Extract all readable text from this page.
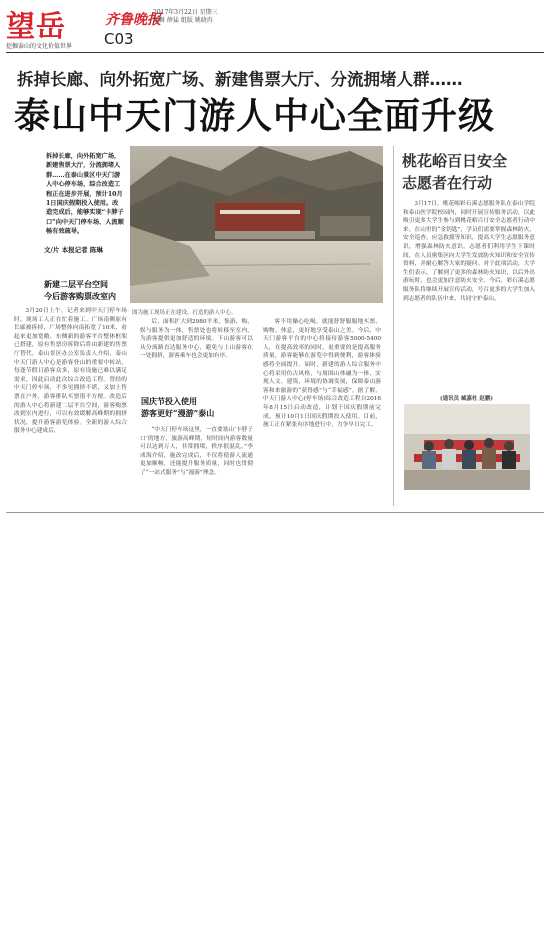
望岳
挖掘泰山的文化价值世界
齐鲁晚报
2017年3月22日 星期三
编辑 薛猛 组版 姚晓冉
C03
拆掉长廊、向外拓宽广场、新建售票大厅、分流拥堵人群……
泰山中天门游人中心全面升级
拆掉长廊，向外拓宽广场，新建售票大厅，分流拥堵人群……在泰山景区中天门游人中心停车场，综合改造工程正在进步开展，预计10月1日国庆假期投入使用。改造完成后，能够实现“卡脖子口”向中天门停车场、人流顺畅有效疏导。
文/片 本报记者 陈琳
图为施工现场正在建设。打造的游人中心。
新建二层平台空间
今后游客购票改室内

3月20日上午，记者来到中天门停车场时，现场工人正在忙着施工。广场南侧原有长廊被拆掉，广场整体向南拓宽了10米，看起来更加宽敞。东侧新的游客平台整体框架已搭建，原有售票房拆除后将由新建的售票厅替代。泰山景区办公室负责人介绍，泰山中天门游人中心是游客登山的重要中转站，每逢节假日游客众多，原有设施已难以满足需求，因此启动此次综合改造工程。曾经的中天门停车场，不多见拥挤不堪，又加上售票在户外，游客排队买票很不方便。改造后的游人中心将新建二层平台空间，游客购票改到室内进行，可以有效缓解高峰期的拥挤状况，提升游客游览体验。全新的游人综合服务中心建成后，

后，面积扩大到2980平米，集游、购、娱与服务为一体，售票处也将转移至室内，为游客提供更加舒适的环境。下山游客可以从分流路直达服务中心，避免与上山游客在一处拥挤，游客乘车也会更加有序。

国庆节投入使用
游客更好“漫游”泰山

“中天门停车场这里，一直要塞山‘卡脖子口’的地方，旅游高峰期，短时间内游客数量可以达到万人，非常拥堵，秩序很混乱。”李成海介绍，施改完成后，不仅将使游人流通更加顺畅，还能提升服务质量，同时也贯彻了“一站式服务”与“漫游”理念。

客不用操心吃喝，就能舒舒服服地买票、购物、休息，更好地享受泰山之美。今后，中天门游客平台的中心将接待游客5000-5400人，在提高效率的同时，更重要的是提高服务质量，游客能够在游览中得到便利，游客体验感将全面提升。届时，新建的游人综合服务中心将采用仿古风格，与周围山体融为一体，实现人文、建筑、环境的协调发展，保障泰山游客和来旅游的“获得感”与“幸福感”。据了解，中天门游人中心(停车场)综合改造工程自2016年8月15日启动改造，计划于国庆假期前完成，预计10月1日国庆假期投入使用。目前，施工正在紧张有序地进行中，力争早日完工。

桃花峪百日安全
志愿者在行动

3月17日，桃花峪彩石溪志愿服务队在泰山学院和泰山医学院校园内，同时开展宣传服务活动，以此吸引更多大学生参与到桃花峪百日安全志愿者行动中来。在山里的“金钥匙”，学员们需要掌握森林防火、安全巡查、应急救援等知识，提高大学生志愿服务意识，增强森林防火意识。志愿者们利用学生下课时间，在人员密集区向大学生发放防火知识和安全宣传资料，并耐心解答大家的疑问。对于此项活动，大学生们表示，了解到了更多的森林防火知识，以后外出游玩时，也会更加注意防火安全。今后，彩石溪志愿服务队将继续开展宣传活动，号召更多的大学生加入到志愿者的队伍中来，共同守护泰山。

(通讯员 臧嘉杜 赵鹏)
